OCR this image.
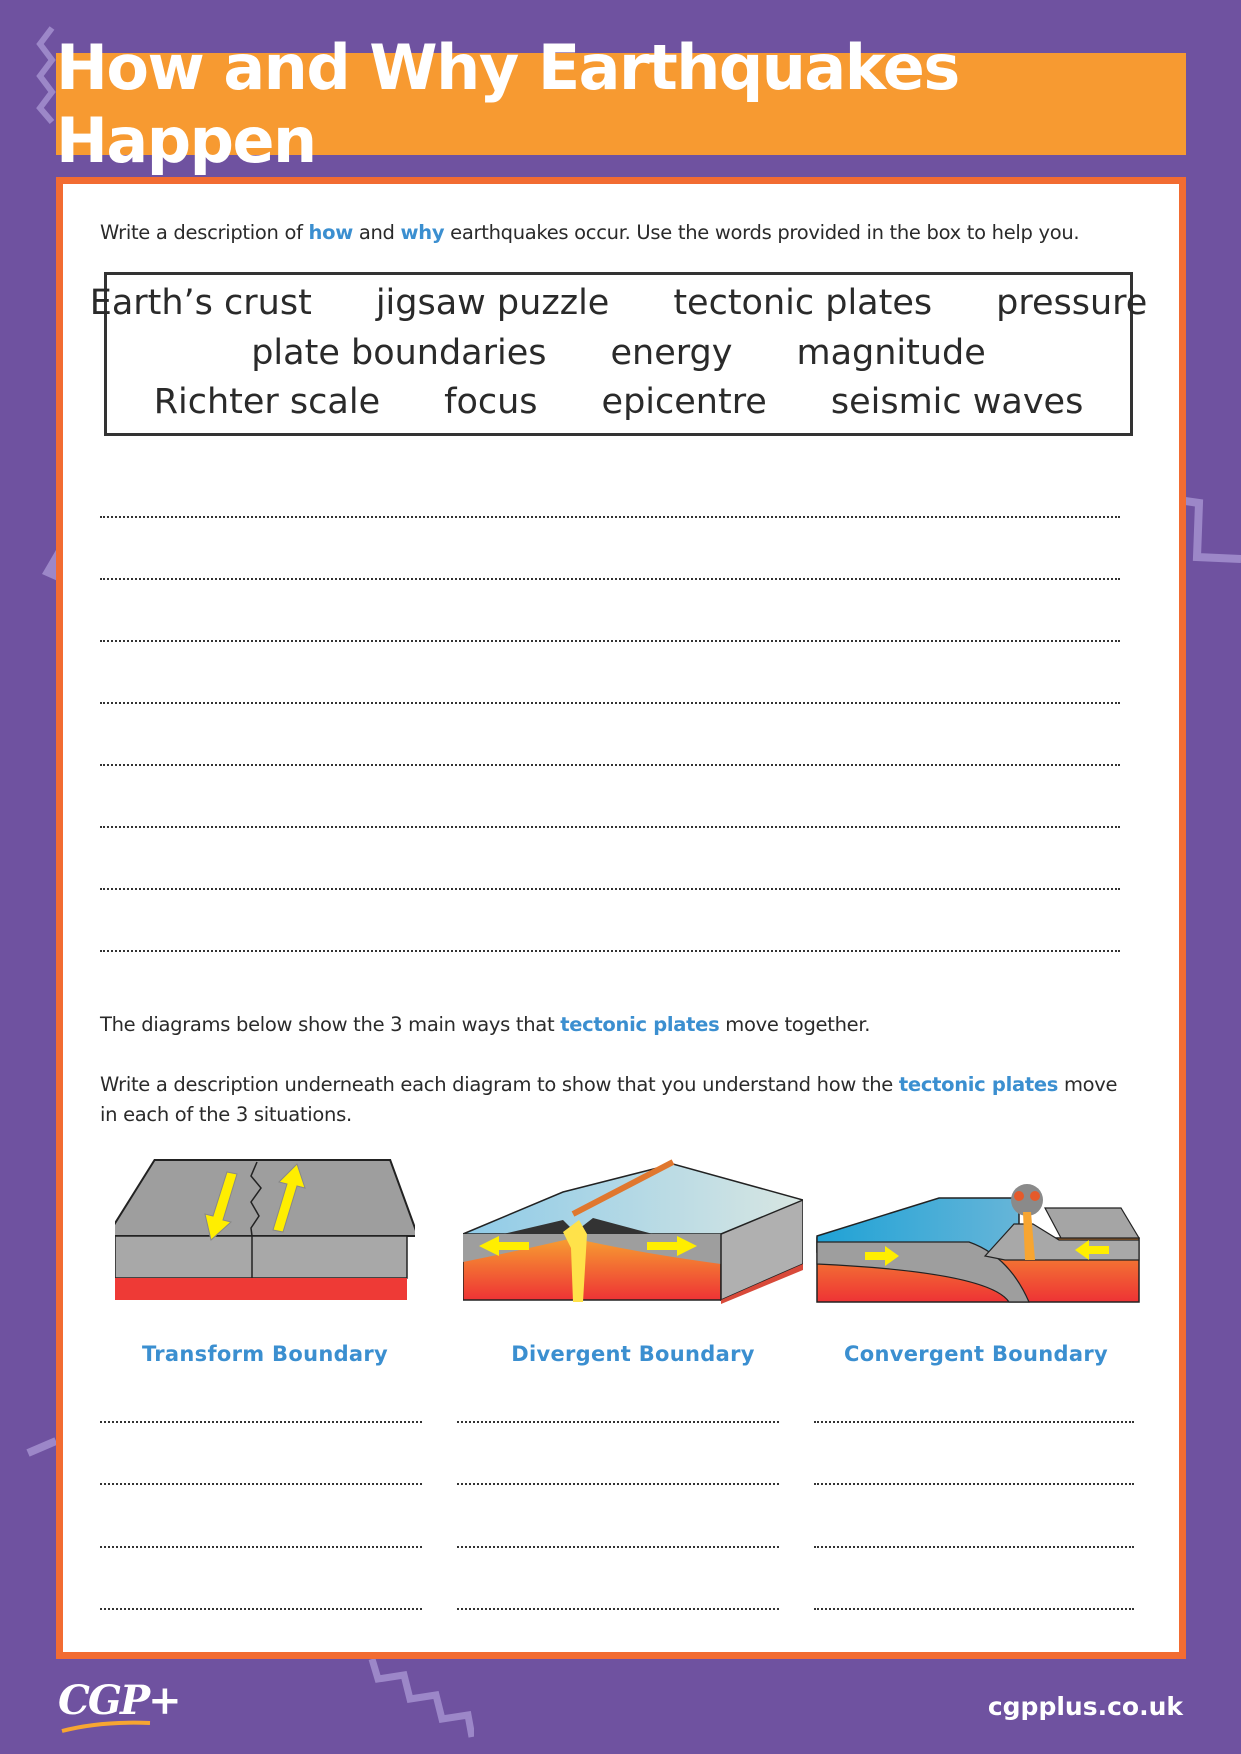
How and Why Earthquakes Happen
Write a description of how and why earthquakes occur. Use the words provided in the box to help you.
Earth’s crust jigsaw puzzle tectonic plates pressure
plate boundaries energy magnitude
Richter scale focus epicentre seismic waves
The diagrams below show the 3 main ways that tectonic plates move together.
Write a description underneath each diagram to show that you understand how the tectonic plates move in each of the 3 situations.
Transform Boundary	Divergent Boundary	Convergent Boundary
CGP+	cgpplus.co.uk
